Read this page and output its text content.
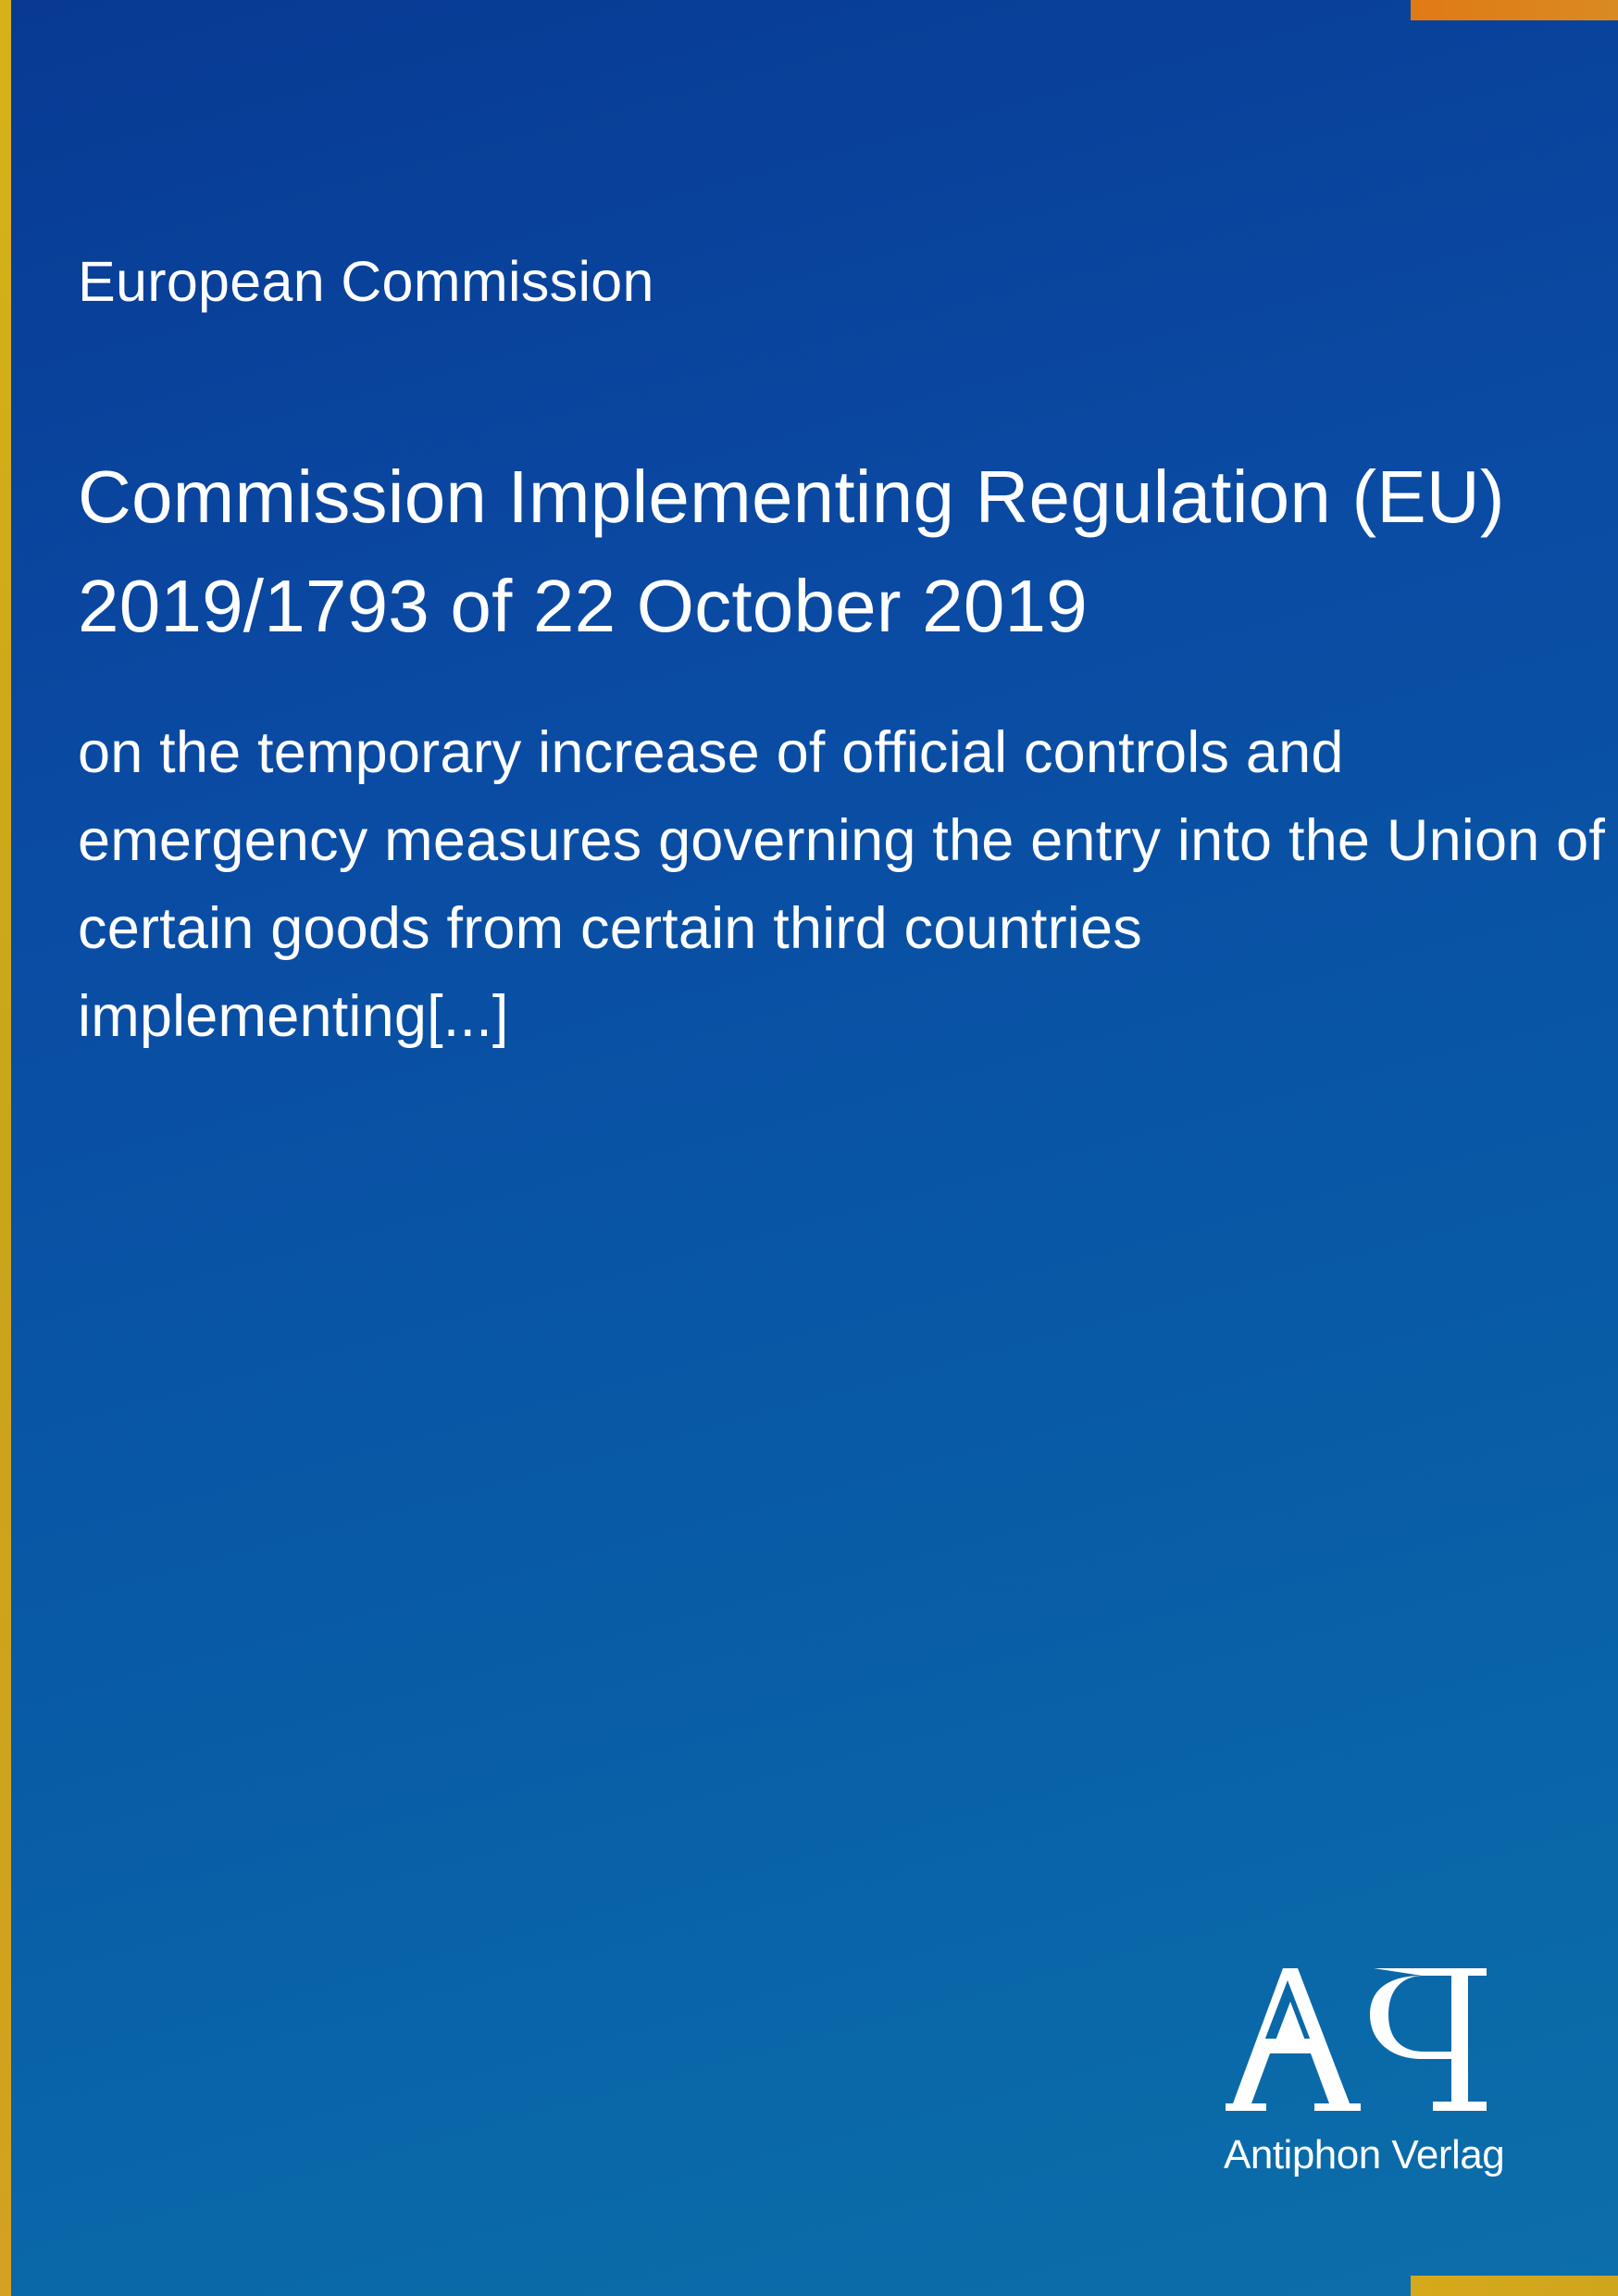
European Commission
Commission Implementing Regulation (EU)
2019/1793 of 22 October 2019
on the temporary increase of official controls and
emergency measures governing the entry into the Union of
certain goods from certain third countries
implementing[...]
Antiphon Verlag
